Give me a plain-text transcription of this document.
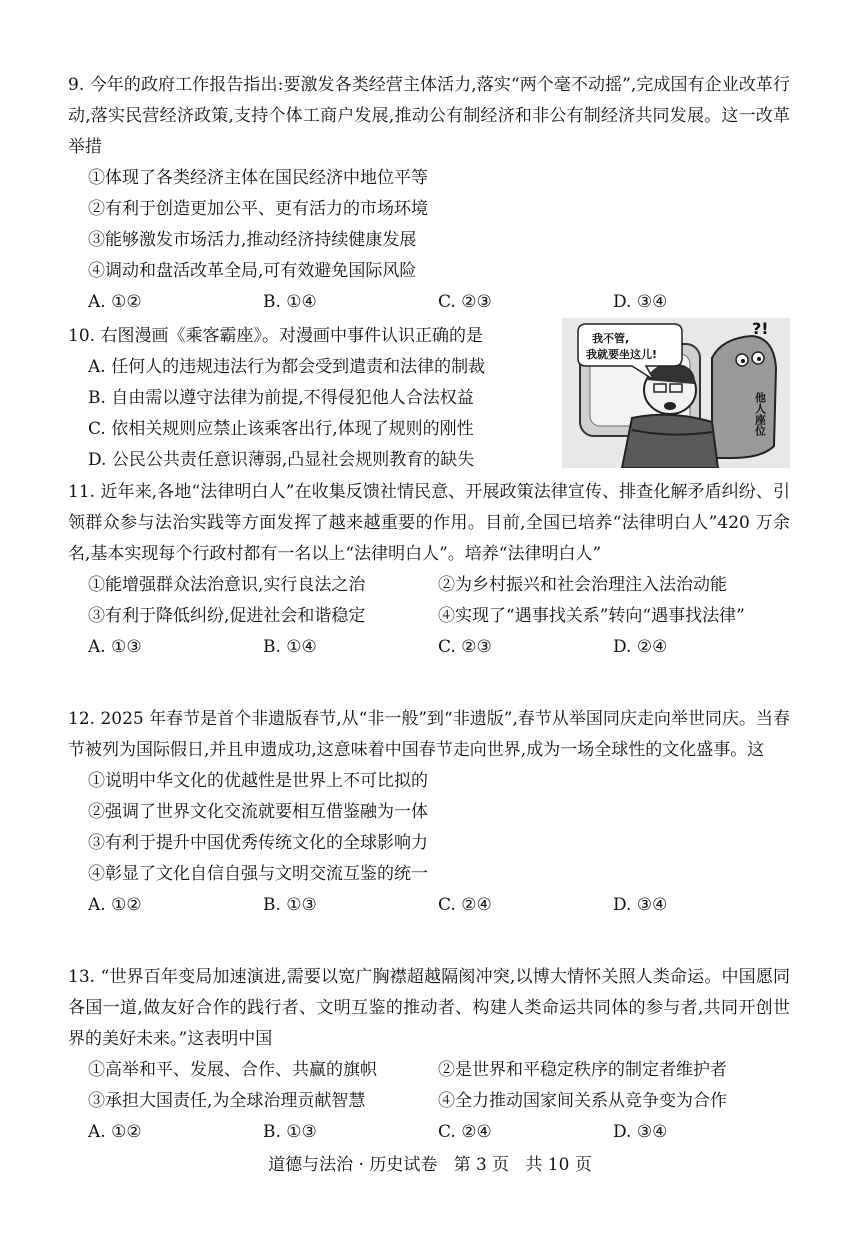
9. 今年的政府工作报告指出:要激发各类经营主体活力,落实“两个毫不动摇”,完成国有企业改革行动,落实民营经济政策,支持个体工商户发展,推动公有制经济和非公有制经济共同发展。这一改革举措
①体现了各类经济主体在国民经济中地位平等
②有利于创造更加公平、更有活力的市场环境
③能够激发市场活力,推动经济持续健康发展
④调动和盘活改革全局,可有效避免国际风险
A. ①②	B. ①④	C. ②③	D. ③④
10. 右图漫画《乘客霸座》。对漫画中事件认识正确的是
A. 任何人的违规违法行为都会受到遣责和法律的制裁
B. 自由需以遵守法律为前提,不得侵犯他人合法权益
C. 依相关规则应禁止该乘客出行,体现了规则的刚性
D. 公民公共责任意识薄弱,凸显社会规则教育的缺失
我不管,
我就要坐这儿!
他人座位
?!
11. 近年来,各地“法律明白人”在收集反馈社情民意、开展政策法律宣传、排查化解矛盾纠纷、引领群众参与法治实践等方面发挥了越来越重要的作用。目前,全国已培养“法律明白人”420 万余名,基本实现每个行政村都有一名以上“法律明白人”。培养“法律明白人”
①能增强群众法治意识,实行良法之治	②为乡村振兴和社会治理注入法治动能
③有利于降低纠纷,促进社会和谐稳定	④实现了“遇事找关系”转向“遇事找法律”
A. ①③	B. ①④	C. ②③	D. ②④
12. 2025 年春节是首个非遗版春节,从“非一般”到“非遗版”,春节从举国同庆走向举世同庆。当春节被列为国际假日,并且申遗成功,这意味着中国春节走向世界,成为一场全球性的文化盛事。这
①说明中华文化的优越性是世界上不可比拟的
②强调了世界文化交流就要相互借鉴融为一体
③有利于提升中国优秀传统文化的全球影响力
④彰显了文化自信自强与文明交流互鉴的统一
A. ①②	B. ①③	C. ②④	D. ③④
13. “世界百年变局加速演进,需要以宽广胸襟超越隔阂冲突,以博大情怀关照人类命运。中国愿同各国一道,做友好合作的践行者、文明互鉴的推动者、构建人类命运共同体的参与者,共同开创世界的美好未来。”这表明中国
①高举和平、发展、合作、共赢的旗帜	②是世界和平稳定秩序的制定者维护者
③承担大国责任,为全球治理贡献智慧	④全力推动国家间关系从竞争变为合作
A. ①②	B. ①③	C. ②④	D. ③④
道德与法治 · 历史试卷   第 3 页   共 10 页
